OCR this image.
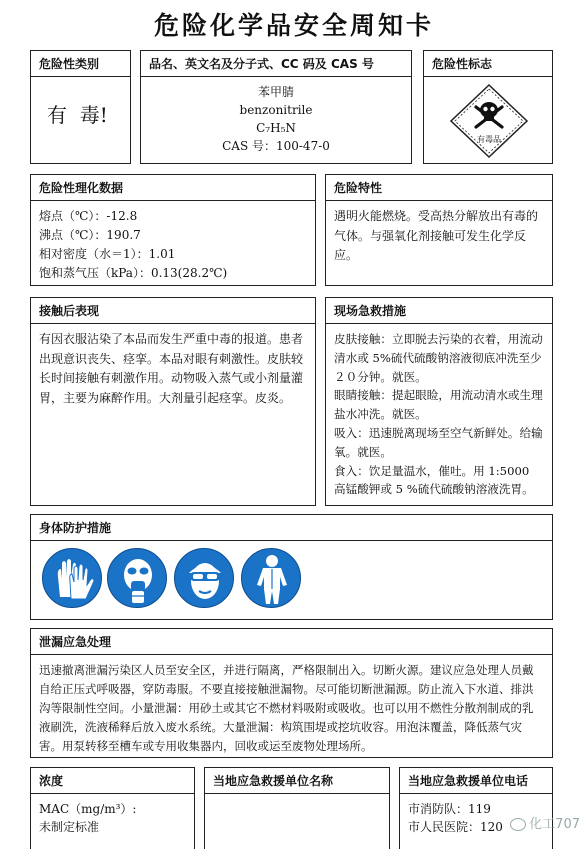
危险化学品安全周知卡
危险性类别
有  毒!
品名、英文名及分子式、CC 码及 CAS 号
苯甲腈
benzonitrile
C₇H₅N
CAS 号：100-47-0
危险性标志
有毒品
危险性理化数据
熔点（℃）：-12.8
沸点（℃）：190.7
相对密度（水＝1）：1.01
饱和蒸气压（kPa）：0.13(28.2℃)
危险特性
遇明火能燃烧。受高热分解放出有毒的气体。与强氧化剂接触可发生化学反应。
接触后表现
有因衣服沾染了本品而发生严重中毒的报道。患者出现意识丧失、痉挛。本品对眼有刺激性。皮肤较长时间接触有刺激作用。动物吸入蒸气或小剂量灌胃，主要为麻醉作用。大剂量引起痉挛。皮炎。
现场急救措施
皮肤接触：立即脱去污染的衣着，用流动清水或 5%硫代硫酸钠溶液彻底冲洗至少２０分钟。就医。
眼睛接触：提起眼睑，用流动清水或生理盐水冲洗。就医。
吸入：迅速脱离现场至空气新鲜处。给输氧。就医。
食入：饮足量温水，催吐。用 1:5000 高锰酸钾或 5 %硫代硫酸钠溶液洗胃。
身体防护措施
泄漏应急处理
迅速撤离泄漏污染区人员至安全区，并进行隔离，严格限制出入。切断火源。建议应急处理人员戴自给正压式呼吸器，穿防毒服。不要直接接触泄漏物。尽可能切断泄漏源。防止流入下水道、排洪沟等限制性空间。小量泄漏：用砂土或其它不燃材料吸附或吸收。也可以用不燃性分散剂制成的乳液刷洗，洗液稀释后放入废水系统。大量泄漏：构筑围堤或挖坑收容。用泡沫覆盖，降低蒸气灾害。用泵转移至槽车或专用收集器内，回收或运至废物处理场所。
浓度
MAC（mg/m³）:
未制定标准
当地应急救援单位名称	当地应急救援单位电话
市消防队：119
市人民医院：120	化工707
